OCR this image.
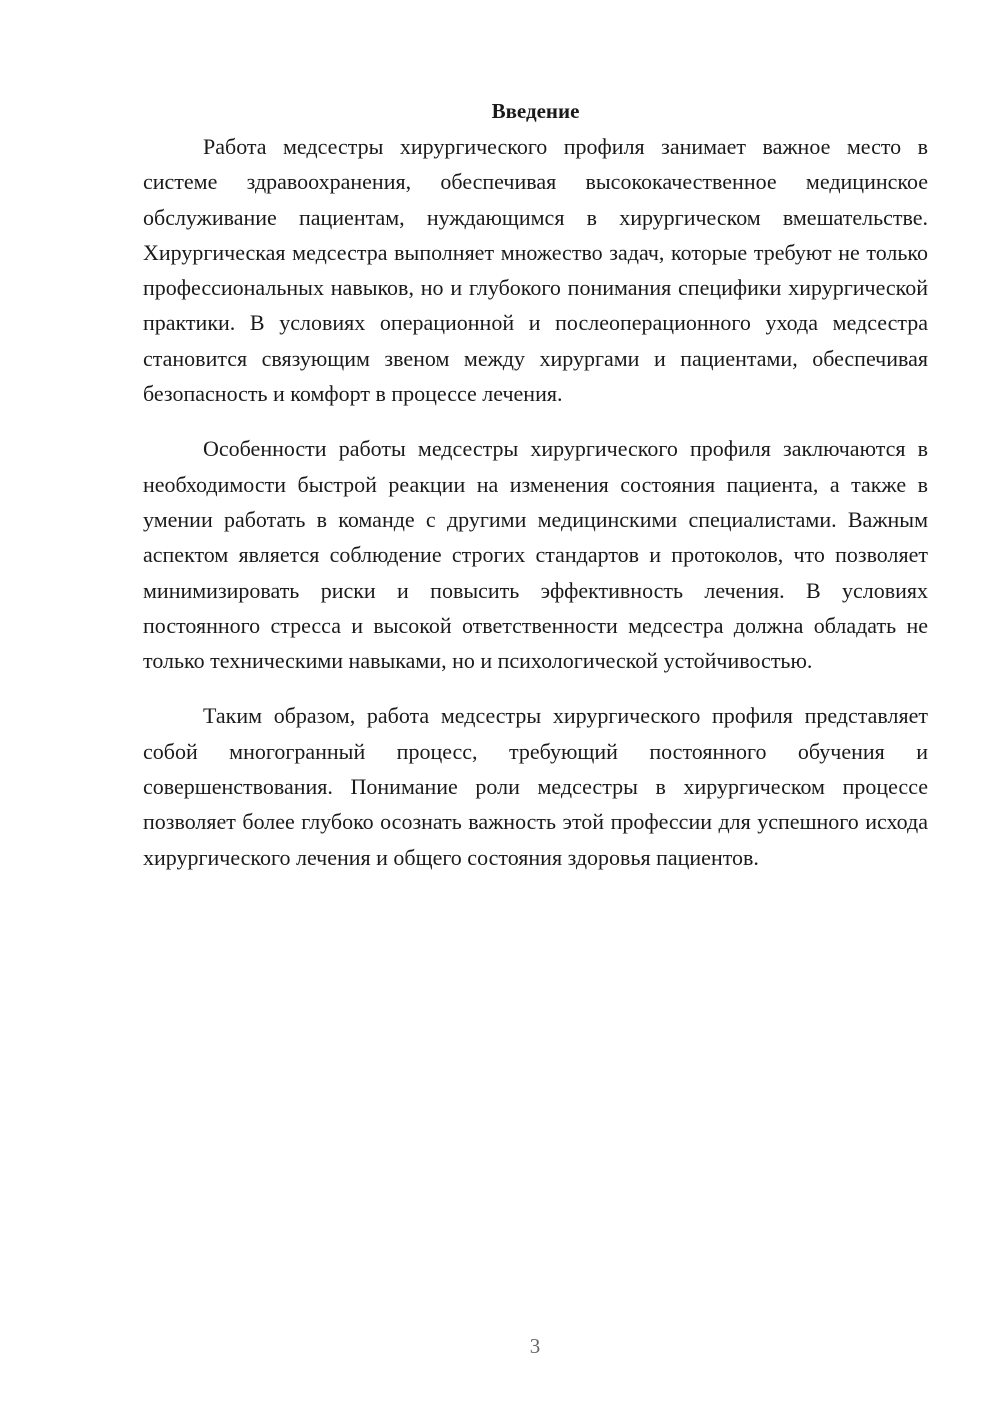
Введение

Работа медсестры хирургического профиля занимает важное место в системе здравоохранения, обеспечивая высококачественное медицинское обслуживание пациентам, нуждающимся в хирургическом вмешательстве. Хирургическая медсестра выполняет множество задач, которые требуют не только профессиональных навыков, но и глубокого понимания специфики хирургической практики. В условиях операционной и послеоперационного ухода медсестра становится связующим звеном между хирургами и пациентами, обеспечивая безопасность и комфорт в процессе лечения.

Особенности работы медсестры хирургического профиля заключаются в необходимости быстрой реакции на изменения состояния пациента, а также в умении работать в команде с другими медицинскими специалистами. Важным аспектом является соблюдение строгих стандартов и протоколов, что позволяет минимизировать риски и повысить эффективность лечения. В условиях постоянного стресса и высокой ответственности медсестра должна обладать не только техническими навыками, но и психологической устойчивостью.

Таким образом, работа медсестры хирургического профиля представляет собой многогранный процесс, требующий постоянного обучения и совершенствования. Понимание роли медсестры в хирургическом процессе позволяет более глубоко осознать важность этой профессии для успешного исхода хирургического лечения и общего состояния здоровья пациентов.

3
